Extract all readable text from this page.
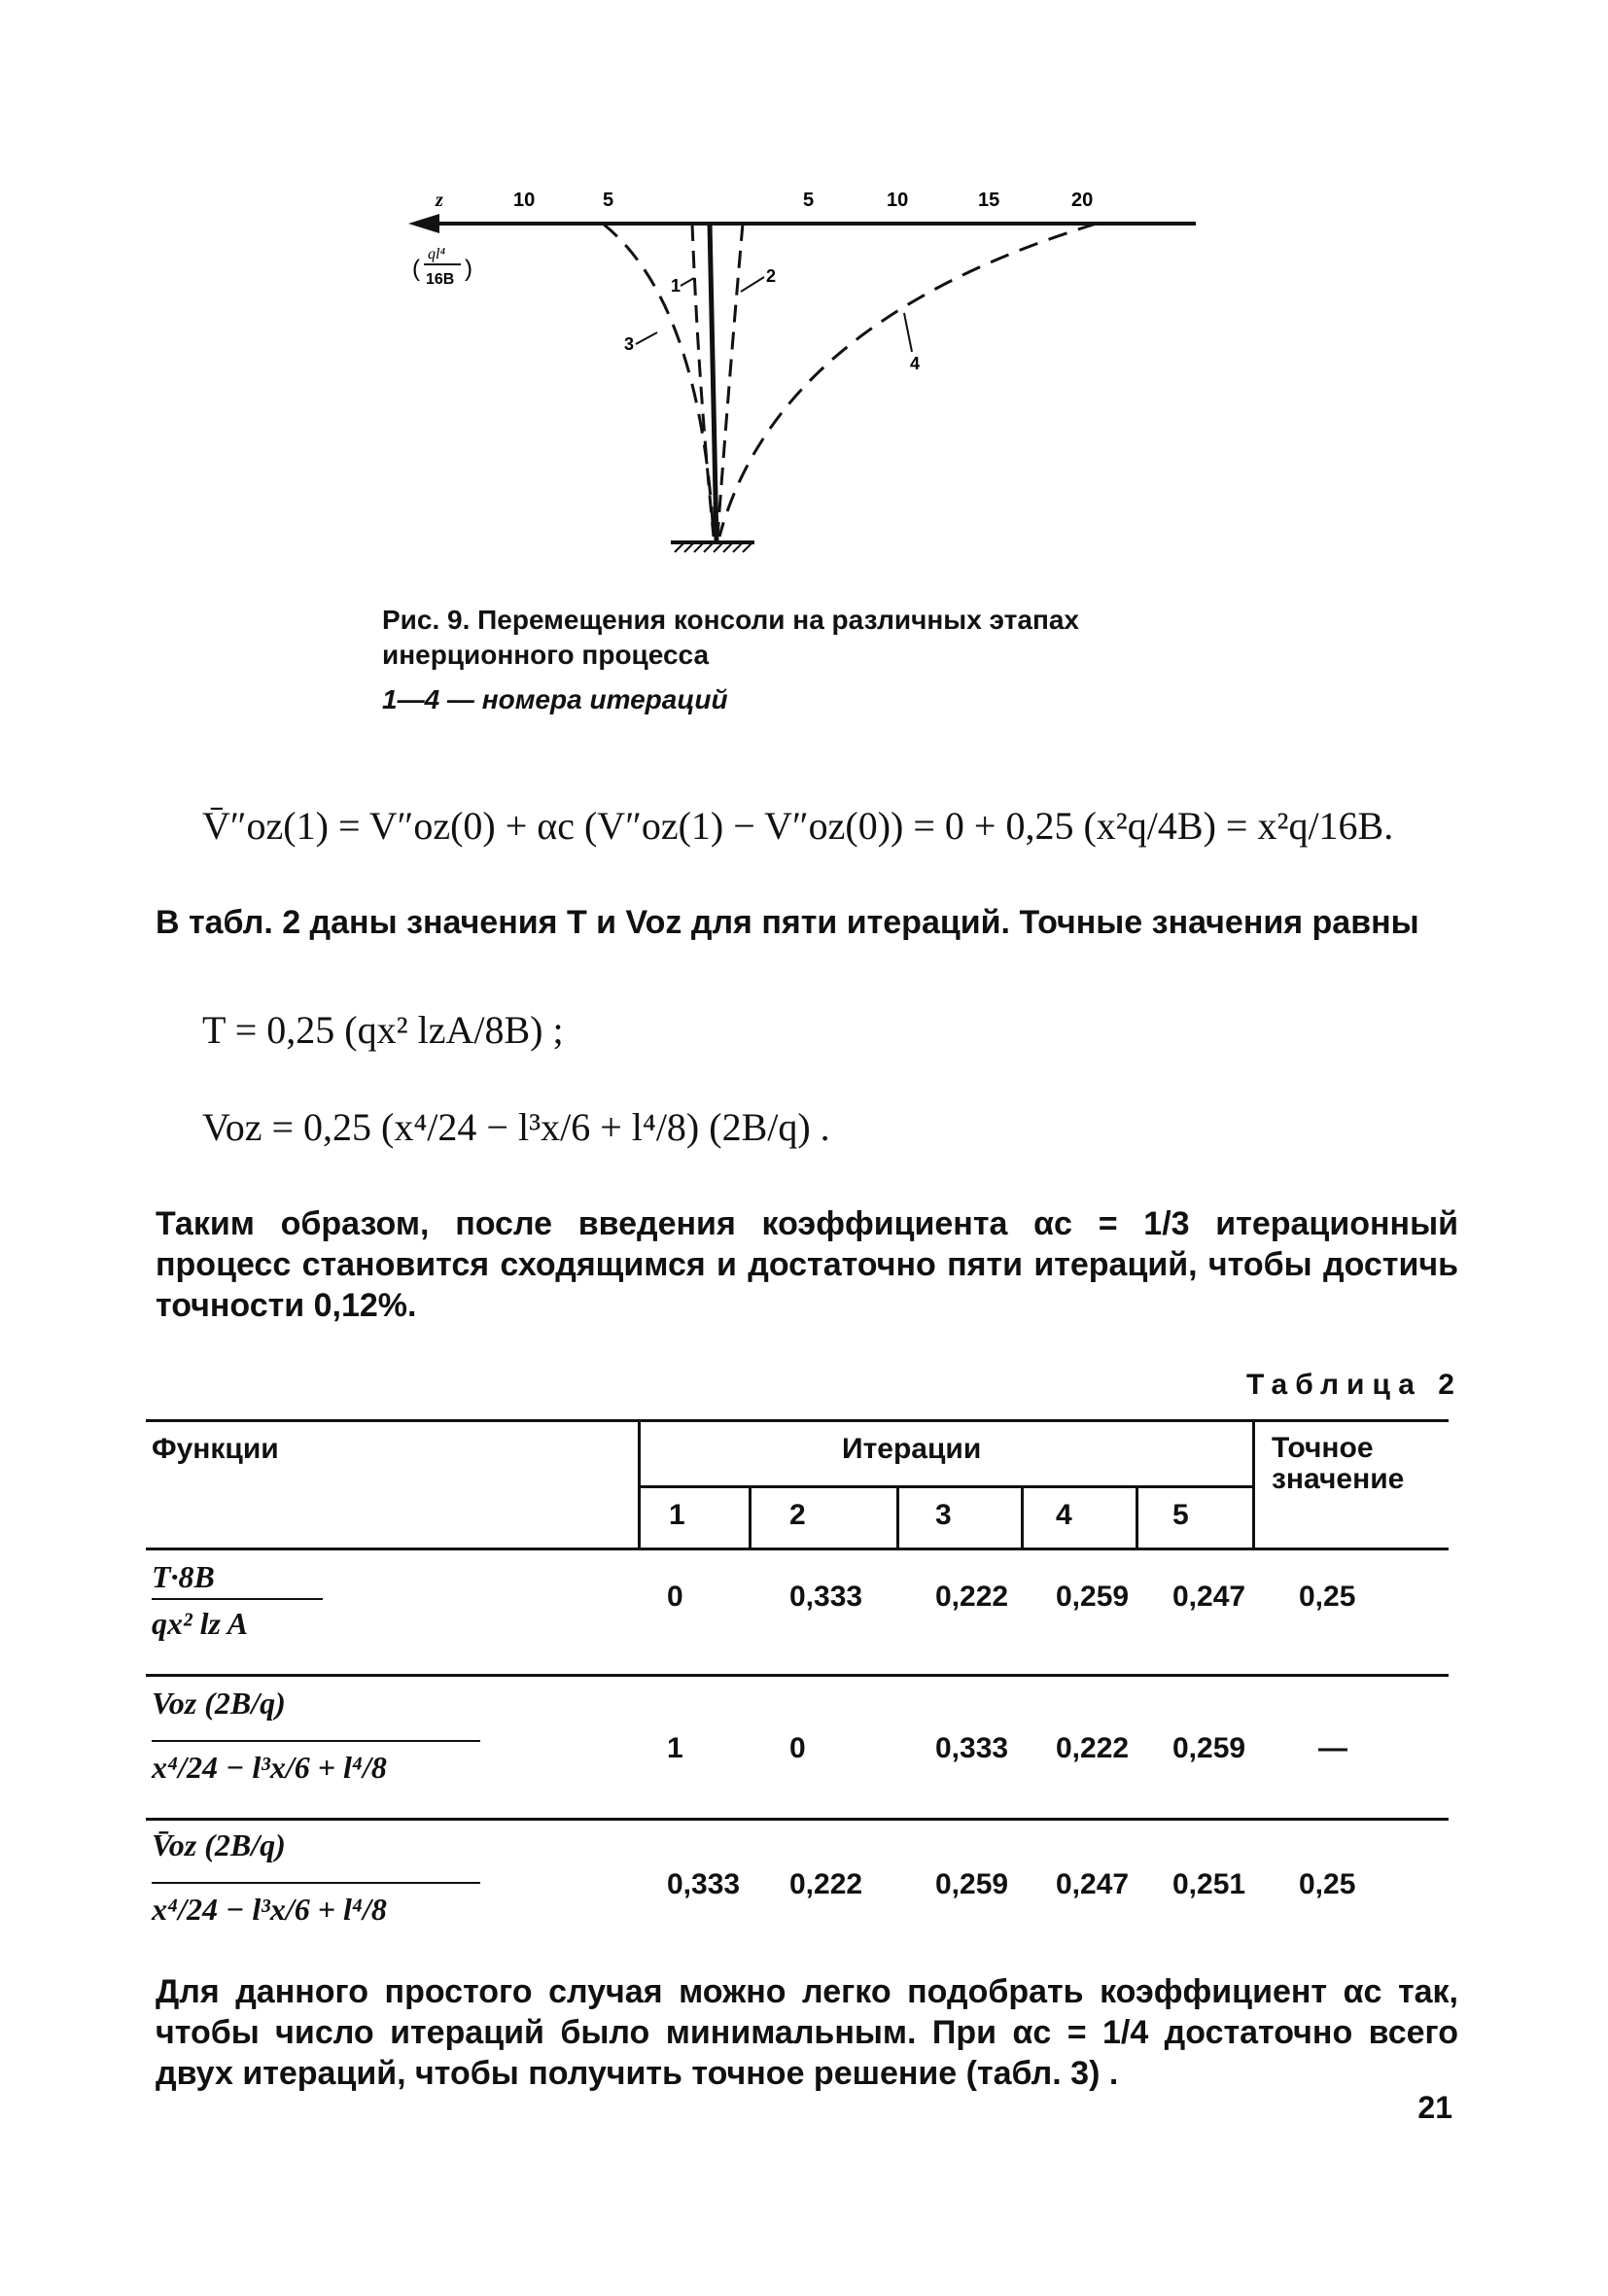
z	10	5	5	10	15	20
ql⁴
16B
( )
1	2
3
4
Рис. 9. Перемещения консоли на различных этапах
инерционного процесса
1—4 — номера итераций
V̄″oz(1) = V″oz(0) + αc (V″oz(1) − V″oz(0)) = 0 + 0,25 (x²q/4B) = x²q/16B.
В табл. 2 даны значения T и Voz для пяти итераций. Точные значения равны
T = 0,25 (qx² lzA/8B) ;
Voz = 0,25 (x⁴/24 − l³x/6 + l⁴/8) (2B/q) .
Таким образом, после введения коэффициента αc = 1/3 итерационный процесс становится сходящимся и достаточно пяти итераций, чтобы достичь точности 0,12%.
Таблица 2
Функции	Итерации	Точное значение
1	2	3	4	5
T·8B
qx² lz A
0	0,333 0,222 0,259 0,247 0,25
Voz (2B/q)
x⁴/24 − l³x/6 + l⁴/8
1	0	0,333 0,222 0,259 —
V̄oz (2B/q)
x⁴/24 − l³x/6 + l⁴/8
0,333 0,222 0,259 0,247 0,251 0,25
Для данного простого случая можно легко подобрать коэффициент αc так, чтобы число итераций было минимальным. При αc = 1/4 достаточно всего двух итераций, чтобы получить точное решение (табл. 3) .
21
